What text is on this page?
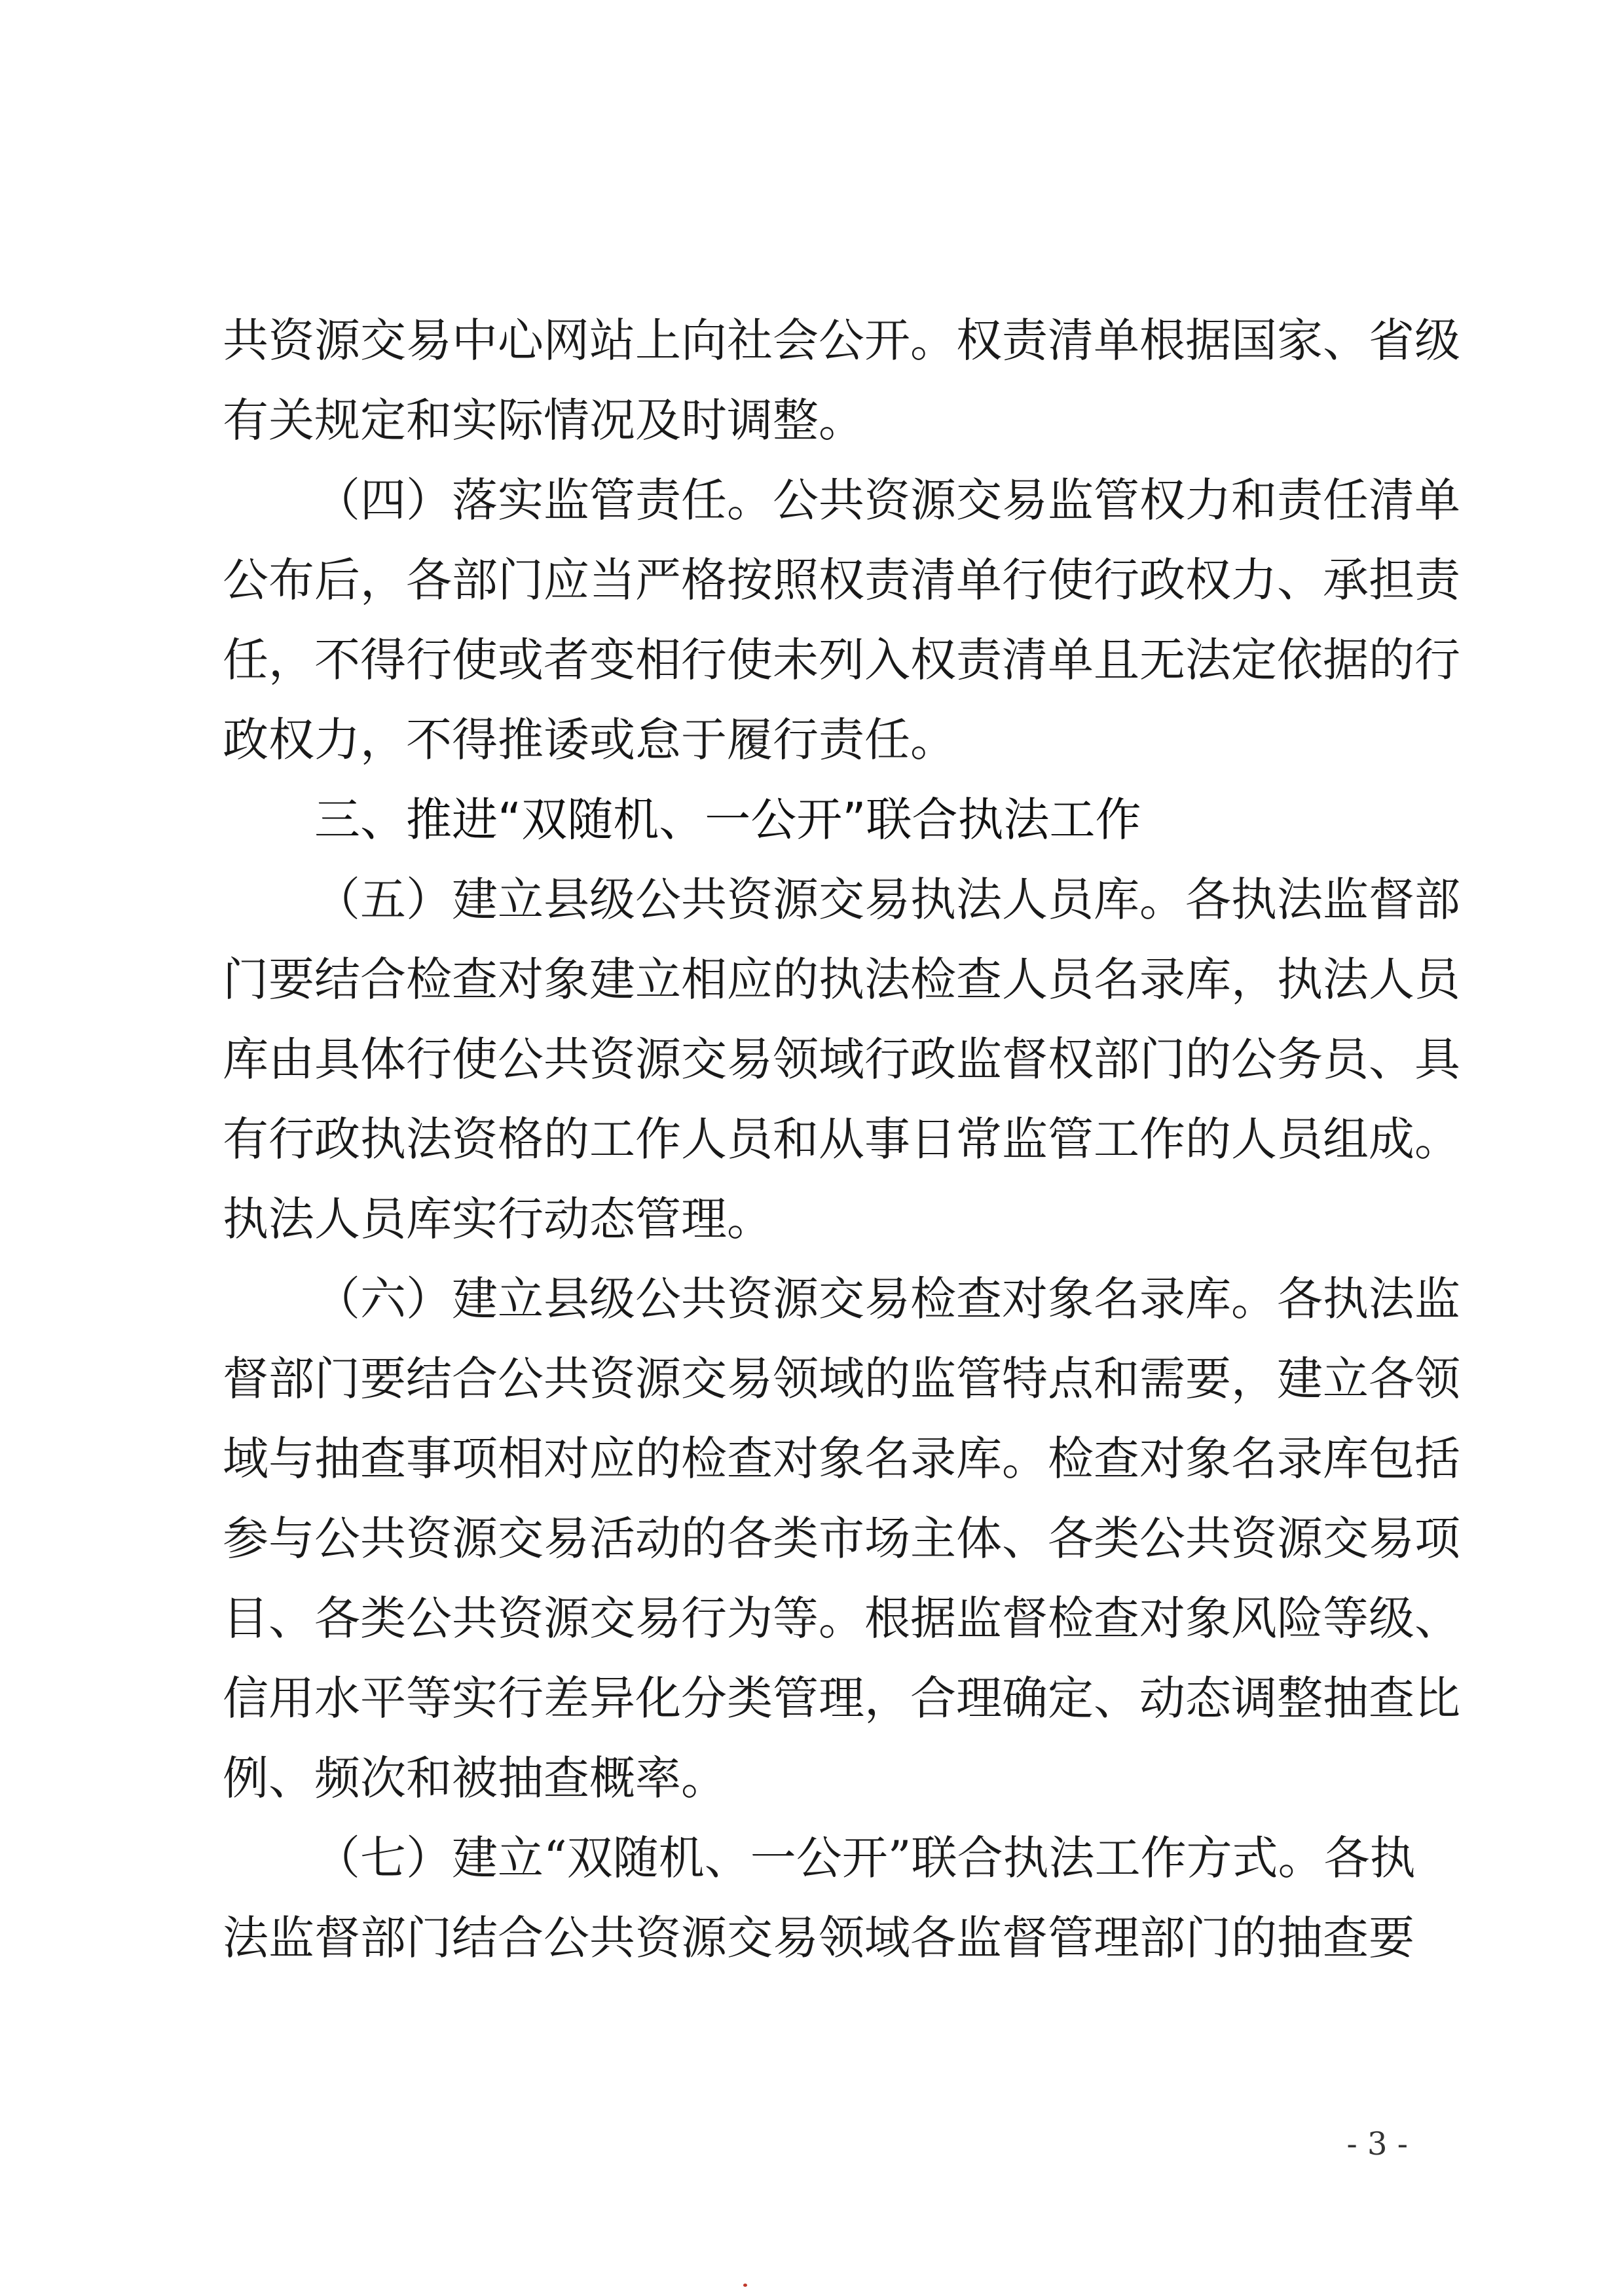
共资源交易中心网站上向社会公开。权责清单根据国家、省级
有关规定和实际情况及时调整。
（四）落实监管责任。公共资源交易监管权力和责任清单
公布后，各部门应当严格按照权责清单行使行政权力、承担责
任，不得行使或者变相行使未列入权责清单且无法定依据的行
政权力，不得推诿或怠于履行责任。
三、推进“双随机、一公开”联合执法工作
（五）建立县级公共资源交易执法人员库。各执法监督部
门要结合检查对象建立相应的执法检查人员名录库，执法人员
库由具体行使公共资源交易领域行政监督权部门的公务员、具
有行政执法资格的工作人员和从事日常监管工作的人员组成。
执法人员库实行动态管理。
（六）建立县级公共资源交易检查对象名录库。各执法监
督部门要结合公共资源交易领域的监管特点和需要，建立各领
域与抽查事项相对应的检查对象名录库。检查对象名录库包括
参与公共资源交易活动的各类市场主体、各类公共资源交易项
目、各类公共资源交易行为等。根据监督检查对象风险等级、
信用水平等实行差异化分类管理，合理确定、动态调整抽查比
例、频次和被抽查概率。
（七）建立“双随机、一公开”联合执法工作方式。各执
法监督部门结合公共资源交易领域各监督管理部门的抽查要
- 3 -
